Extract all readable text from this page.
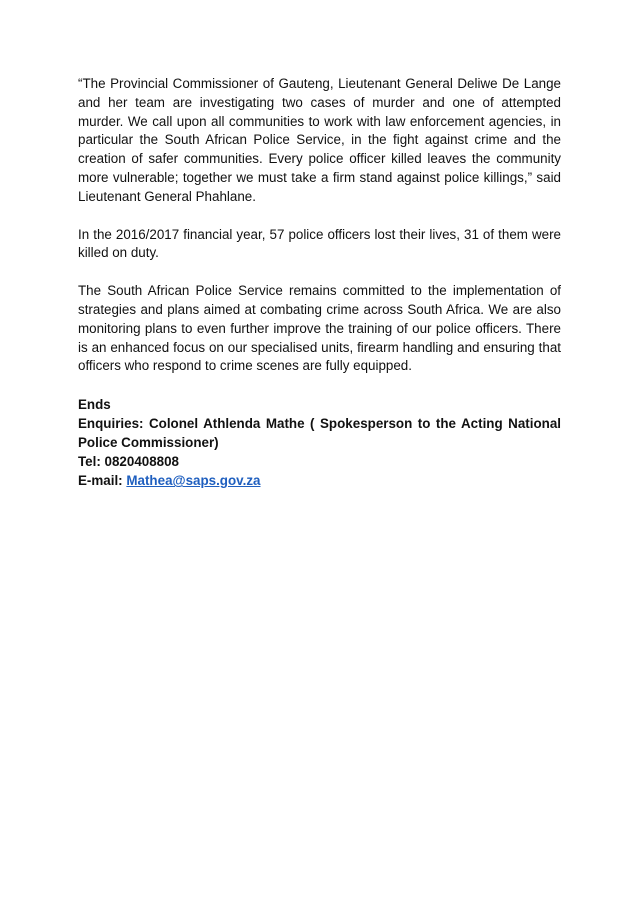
“The Provincial Commissioner of Gauteng, Lieutenant General Deliwe De Lange and her team are investigating two cases of murder and one of attempted murder. We call upon all communities to work with law enforcement agencies, in particular the South African Police Service, in the fight against crime and the creation of safer communities. Every police officer killed leaves the community more vulnerable; together we must take a firm stand against police killings,” said Lieutenant General Phahlane.

In the 2016/2017 financial year, 57 police officers lost their lives, 31 of them were killed on duty.

The South African Police Service remains committed to the implementation of strategies and plans aimed at combating crime across South Africa. We are also monitoring plans to even further improve the training of our police officers. There is an enhanced focus on our specialised units, firearm handling and ensuring that officers who respond to crime scenes are fully equipped.

Ends
Enquiries: Colonel Athlenda Mathe ( Spokesperson to the Acting National Police Commissioner)
Tel: 0820408808
E-mail: Mathea@saps.gov.za
